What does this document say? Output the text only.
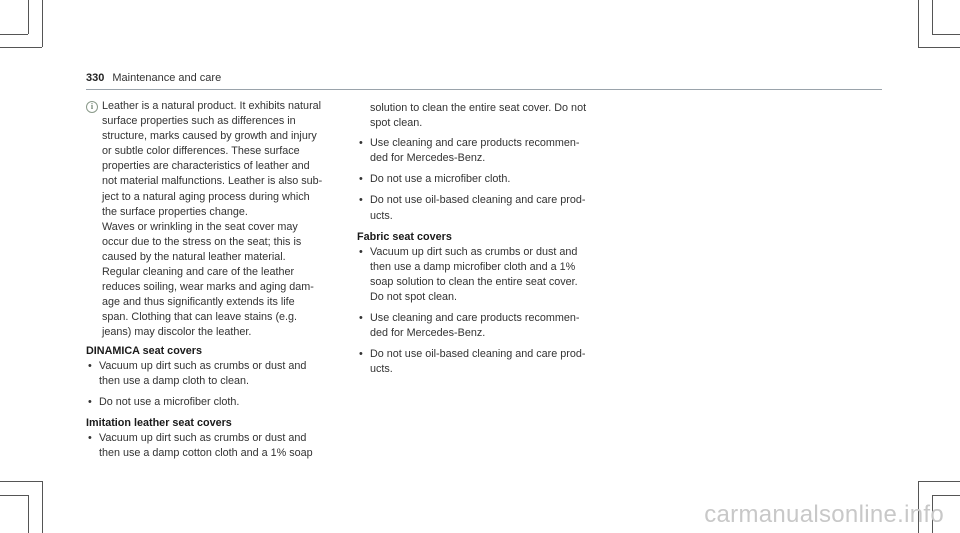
330 Maintenance and care
i Leather is a natural product. It exhibits natural
surface properties such as differences in
structure, marks caused by growth and injury
or subtle color differences. These surface
properties are characteristics of leather and
not material malfunctions. Leather is also sub-
ject to a natural aging process during which
the surface properties change.
Waves or wrinkling in the seat cover may
occur due to the stress on the seat; this is
caused by the natural leather material.
Regular cleaning and care of the leather
reduces soiling, wear marks and aging dam-
age and thus significantly extends its life
span. Clothing that can leave stains (e.g.
jeans) may discolor the leather.
DINAMICA seat covers
• Vacuum up dirt such as crumbs or dust and
then use a damp cloth to clean.
• Do not use a microfiber cloth.
Imitation leather seat covers
• Vacuum up dirt such as crumbs or dust and
then use a damp cotton cloth and a 1% soap
solution to clean the entire seat cover. Do not
spot clean.
• Use cleaning and care products recommen-
ded for Mercedes-Benz.
• Do not use a microfiber cloth.
• Do not use oil-based cleaning and care prod-
ucts.
Fabric seat covers
• Vacuum up dirt such as crumbs or dust and
then use a damp microfiber cloth and a 1%
soap solution to clean the entire seat cover.
Do not spot clean.
• Use cleaning and care products recommen-
ded for Mercedes-Benz.
• Do not use oil-based cleaning and care prod-
ucts.
carmanualsonline.info
